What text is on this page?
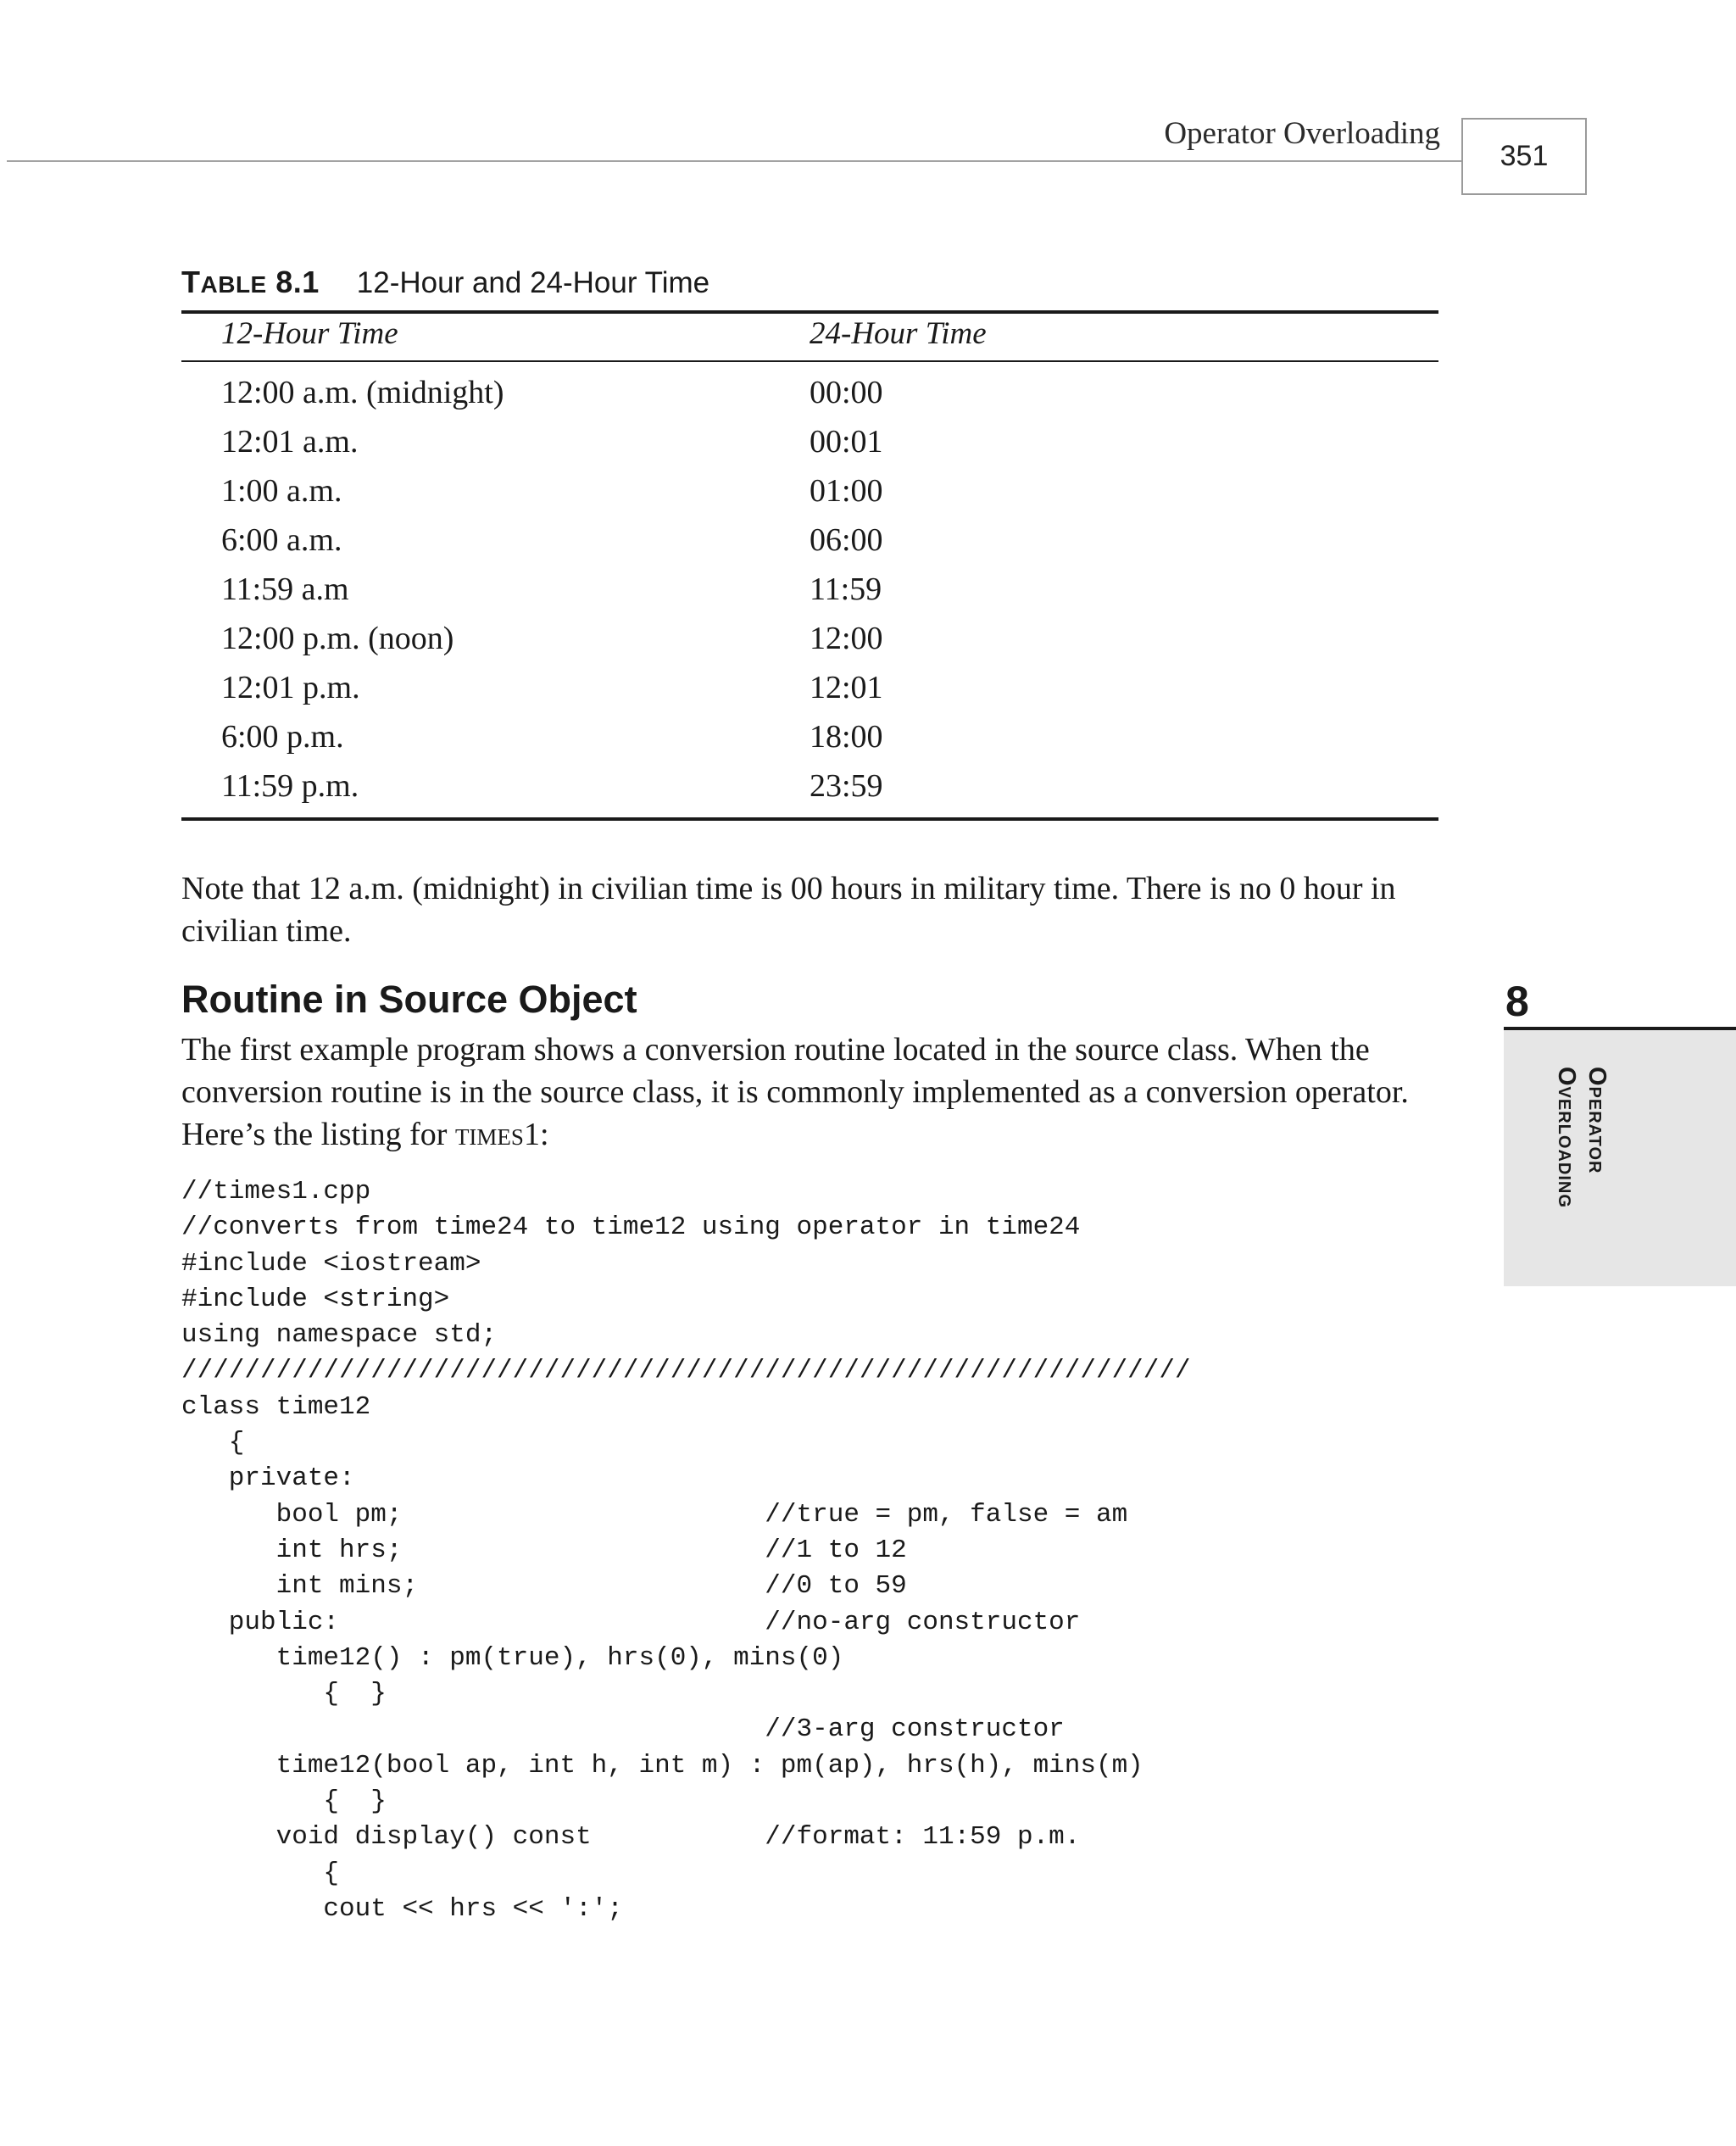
Operator Overloading
351
TABLE 8.1 12-Hour and 24-Hour Time
12-Hour Time	24-Hour Time
12:00 a.m. (midnight)	00:00
12:01 a.m.	00:01
1:00 a.m.	01:00
6:00 a.m.	06:00
11:59 a.m	11:59
12:00 p.m. (noon)	12:00
12:01 p.m.	12:01
6:00 p.m.	18:00
11:59 p.m.	23:59

Note that 12 a.m. (midnight) in civilian time is 00 hours in military time. There is no 0 hour in civilian time.

Routine in Source Object

The first example program shows a conversion routine located in the source class. When the conversion routine is in the source class, it is commonly implemented as a conversion operator. Here’s the listing for times1:

//times1.cpp
//converts from time24 to time12 using operator in time24
#include <iostream>
#include <string>
using namespace std;
////////////////////////////////////////////////////////////////
class time12
{
private:
bool pm;                       //true = pm, false = am
int hrs;                       //1 to 12
int mins;                      //0 to 59
public:                           //no-arg constructor
time12() : pm(true), hrs(0), mins(0)
{  }
//3-arg constructor
time12(bool ap, int h, int m) : pm(ap), hrs(h), mins(m)
{  }
void display() const           //format: 11:59 p.m.
{
cout << hrs << ':';
8
Operator
Overloading
